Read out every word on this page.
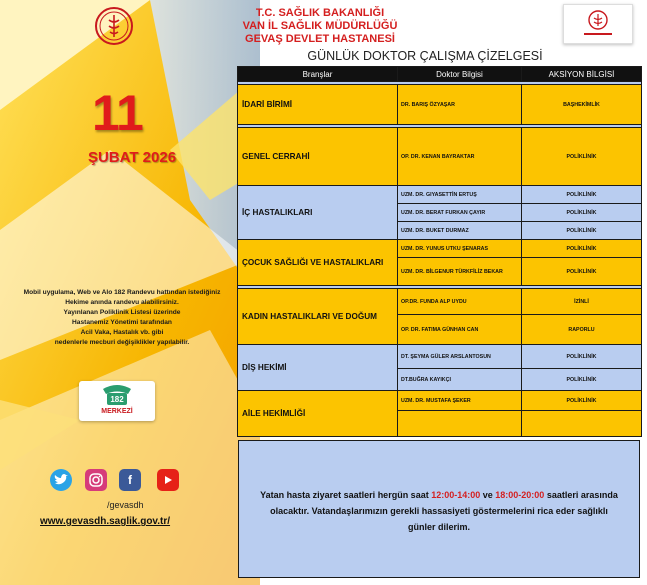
T.C. SAĞLIK BAKANLIĞI
VAN İL SAĞLIK MÜDÜRLÜĞÜ
GEVAŞ DEVLET HASTANESİ
GÜNLÜK DOKTOR ÇALIŞMA ÇİZELGESİ
11
ŞUBAT 2026
Mobil uygulama, Web ve Alo 182 Randevu hattından istediğiniz
Hekime anında randevu alabilirsiniz.
Yayınlanan Poliklinik Listesi üzerinde
Hastanemiz Yönetimi tarafından
Acil Vaka, Hastalık vb. gibi
nedenlerle mecburi değişiklikler yapılabilir.
182
MERKEZİ
f
/gevasdh
www.gevasdh.saglik.gov.tr/
Branşlar	Doktor Bilgisi	AKSİYON BİLGİSİ

İDARİ BİRİMİ	DR. BARIŞ ÖZYAŞAR	BAŞHEKİMLİK

GENEL CERRAHİ	OP. DR. KENAN BAYRAKTAR	POLİKLİNİK
İÇ HASTALIKLARI	UZM. DR. GIYASETTİN ERTUŞ	POLİKLİNİK
	UZM. DR. BERAT FURKAN ÇAYIR	POLİKLİNİK
	UZM. DR. BUKET DURMAZ	POLİKLİNİK
ÇOCUK SAĞLIĞI VE HASTALIKLARI	UZM. DR. YUNUS UTKU ŞENARAS	POLİKLİNİK
	UZM. DR. BİLGENUR TÜRKFİLİZ BEKAR	POLİKLİNİK

KADIN HASTALIKLARI VE DOĞUM	OP.DR. FUNDA ALP UYDU	İZİNLİ
	OP. DR. FATIMA GÜNHAN CAN	RAPORLU
DİŞ HEKİMİ	DT. ŞEYMA GÜLER ARSLANTOSUN	POLİKLİNİK
	DT.BUĞRA KAYIKÇI	POLİKLİNİK
AİLE HEKİMLİĞİ	UZM. DR. MUSTAFA ŞEKER	POLİKLİNİK

Yatan hasta ziyaret saatleri hergün saat 12:00-14:00 ve 18:00-20:00 saatleri arasında olacaktır. Vatandaşlarımızın gerekli hassasiyeti göstermelerini rica eder sağlıklı günler dilerim.
